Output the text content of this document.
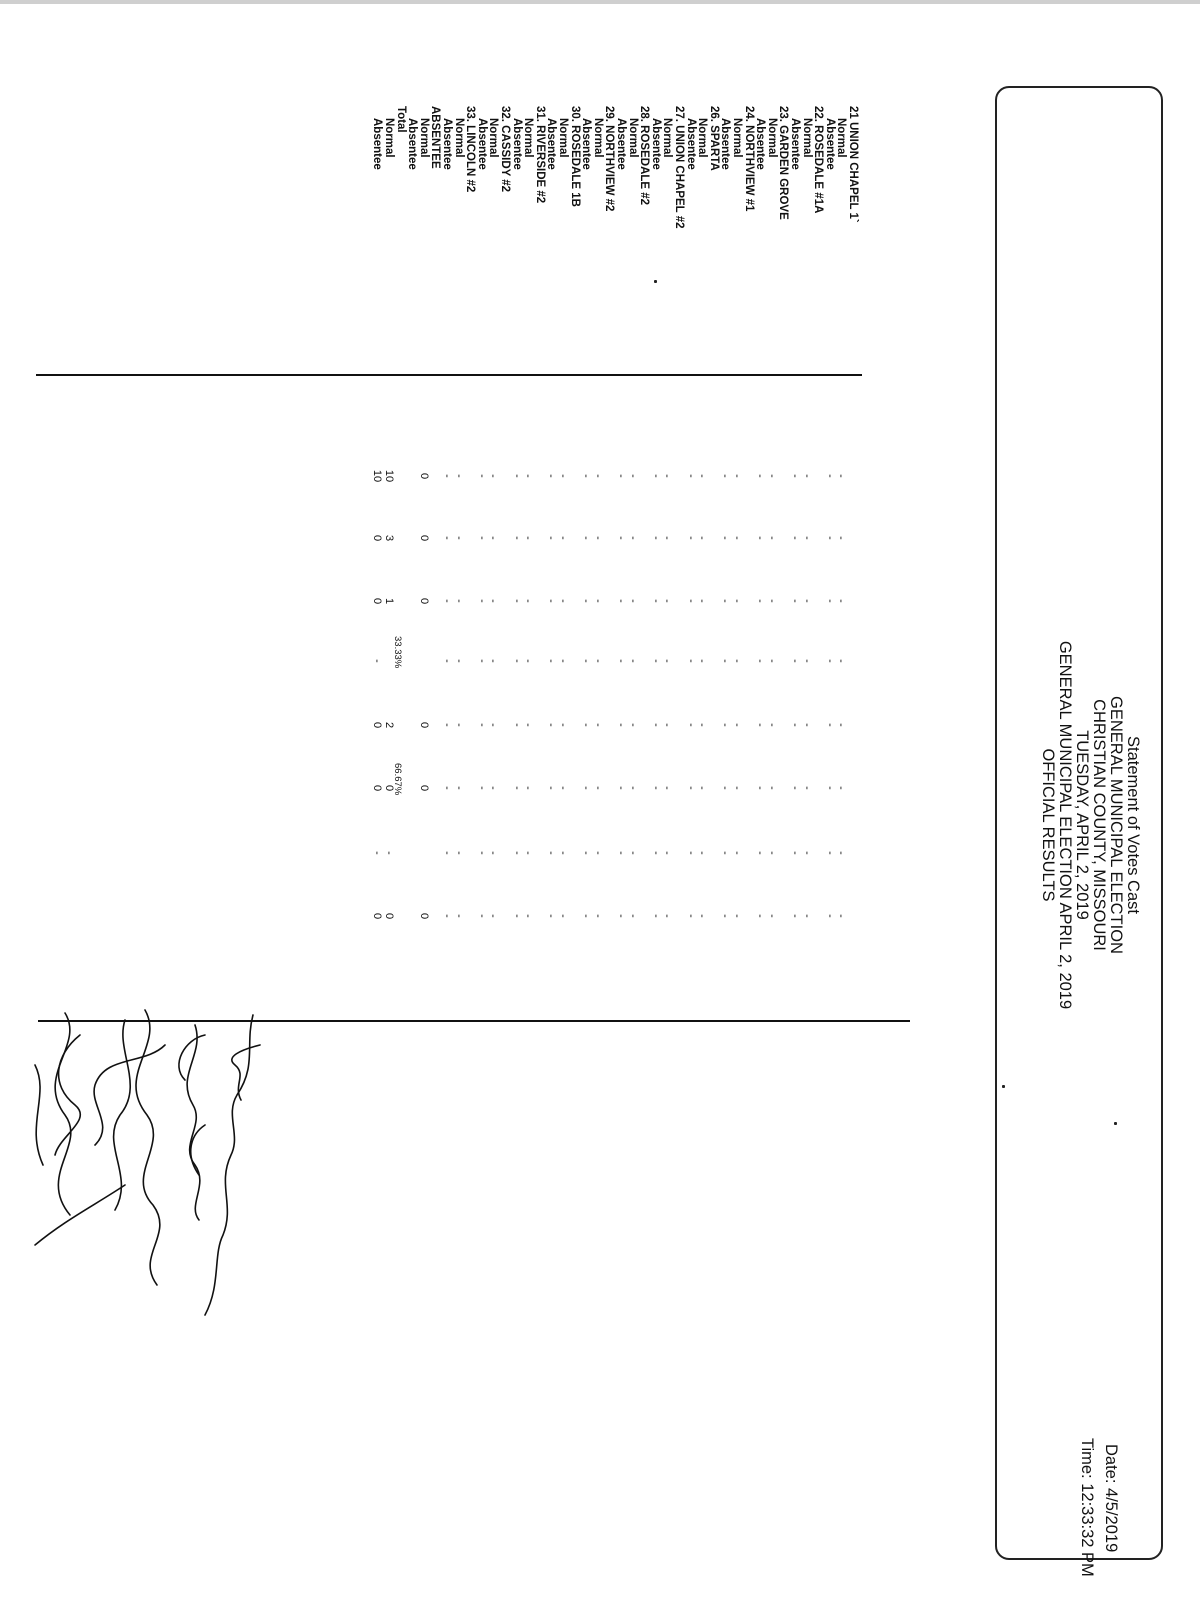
Statement of Votes Cast
GENERAL MUNICIPAL ELECTION
CHRISTIAN COUNTY, MISSOURI
TUESDAY, APRIL 2, 2019
GENERAL MUNICIPAL ELECTION APRIL 2, 2019
OFFICIAL RESULTS
Date: 4/5/2019
Time: 12:33:32 PM
21 UNION CHAPEL 1`
Normal
-
-
-
-
-
-
-
-
Absentee
-
-
-
-
-
-
-
-
22. ROSEDALE #1A
Normal
-
-
-
-
-
-
-
-
Absentee
-
-
-
-
-
-
-
-
23. GARDEN GROVE
Normal
-
-
-
-
-
-
-
-
Absentee
-
-
-
-
-
-
-
-
24. NORTHVIEW #1
Normal
-
-
-
-
-
-
-
-
Absentee
-
-
-
-
-
-
-
-
26. SPARTA
Normal
-
-
-
-
-
-
-
-
Absentee
-
-
-
-
-
-
-
-
27. UNION CHAPEL #2
Normal
-
-
-
-
-
-
-
-
Absentee
-
-
-
-
-
-
-
-
28. ROSEDALE #2
Normal
-
-
-
-
-
-
-
-
Absentee
-
-
-
-
-
-
-
-
29. NORTHVIEW #2
Normal
-
-
-
-
-
-
-
-
Absentee
-
-
-
-
-
-
-
-
30. ROSEDALE 1B
Normal
-
-
-
-
-
-
-
-
Absentee
-
-
-
-
-
-
-
-
31. RIVERSIDE #2
Normal
-
-
-
-
-
-
-
-
Absentee
-
-
-
-
-
-
-
-
32. CASSIDY #2
Normal
-
-
-
-
-
-
-
-
Absentee
-
-
-
-
-
-
-
-
33. LINCOLN #2
Normal
-
-
-
-
-
-
-
-
Absentee
-
-
-
-
-
-
-
-
ABSENTEE
Normal
0
0
0
0
0
0
Absentee
Total
Normal
10
3
1
2
0
-
0
33.33%
66.67%
Absentee
10
0
0
-
0
0
-
0
